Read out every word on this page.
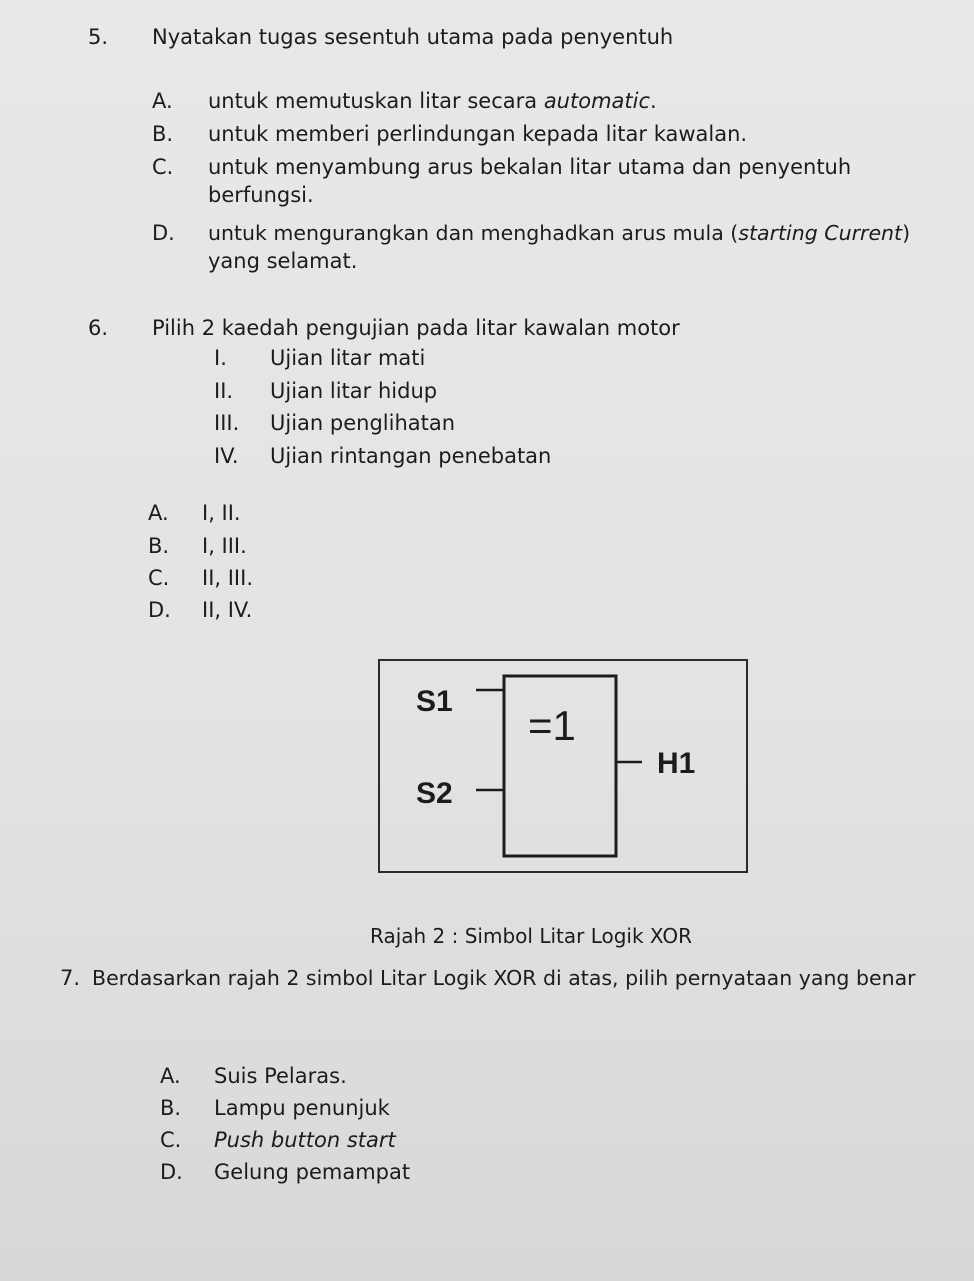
5. Nyatakan tugas sesentuh utama pada penyentuh
A. untuk memutuskan litar secara automatic.
B. untuk memberi perlindungan kepada litar kawalan.
C. untuk menyambung arus bekalan litar utama dan penyentuh
berfungsi.
D. untuk mengurangkan dan menghadkan arus mula (starting Current)
yang selamat.
6. Pilih 2 kaedah pengujian pada litar kawalan motor
I. Ujian litar mati
II. Ujian litar hidup
III. Ujian penglihatan
IV. Ujian rintangan penebatan
A. I, II.
B. I, III.
C. II, III.
D. II, IV.
S1
S2
=1
H1
Rajah 2 : Simbol Litar Logik XOR
7. Berdasarkan rajah 2 simbol Litar Logik XOR di atas, pilih pernyataan yang benar
A. Suis Pelaras.
B. Lampu penunjuk
C. Push button start
D. Gelung pemampat
